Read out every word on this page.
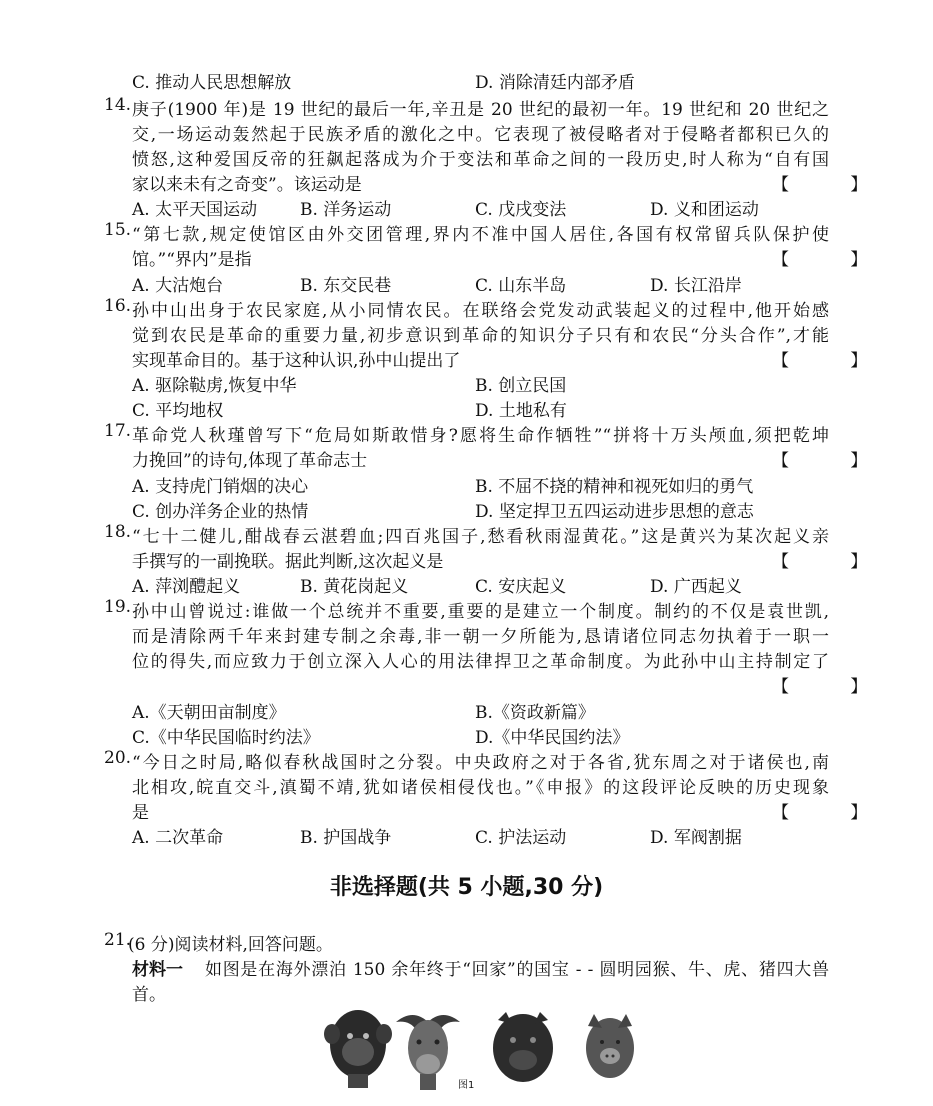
C. 推动人民思想解放	D. 消除清廷内部矛盾
14. 庚子(1900 年)是 19 世纪的最后一年,辛丑是 20 世纪的最初一年。19 世纪和 20 世纪之
交,一场运动轰然起于民族矛盾的激化之中。它表现了被侵略者对于侵略者都积已久的
愤怒,这种爱国反帝的狂飙起落成为介于变法和革命之间的一段历史,时人称为“自有国
家以来未有之奇变”。该运动是	【 】
A. 太平天国运动	B. 洋务运动	C. 戊戌变法	D. 义和团运动
15. “第七款,规定使馆区由外交团管理,界内不准中国人居住,各国有权常留兵队保护使
馆。”“界内”是指	【 】
A. 大沽炮台	B. 东交民巷	C. 山东半岛	D. 长江沿岸
16. 孙中山出身于农民家庭,从小同情农民。在联络会党发动武装起义的过程中,他开始感
觉到农民是革命的重要力量,初步意识到革命的知识分子只有和农民“分头合作”,才能
实现革命目的。基于这种认识,孙中山提出了	【 】
A. 驱除鞑虏,恢复中华	B. 创立民国
C. 平均地权	D. 土地私有
17. 革命党人秋瑾曾写下“危局如斯敢惜身?愿将生命作牺牲”“拼将十万头颅血,须把乾坤
力挽回”的诗句,体现了革命志士	【 】
A. 支持虎门销烟的决心	B. 不屈不挠的精神和视死如归的勇气
C. 创办洋务企业的热情	D. 坚定捍卫五四运动进步思想的意志
18. “七十二健儿,酣战春云湛碧血;四百兆国子,愁看秋雨湿黄花。”这是黄兴为某次起义亲
手撰写的一副挽联。据此判断,这次起义是	【 】
A. 萍浏醴起义	B. 黄花岗起义	C. 安庆起义	D. 广西起义
19. 孙中山曾说过:谁做一个总统并不重要,重要的是建立一个制度。制约的不仅是袁世凯,
而是清除两千年来封建专制之余毒,非一朝一夕所能为,恳请诸位同志勿执着于一职一
位的得失,而应致力于创立深入人心的用法律捍卫之革命制度。为此孙中山主持制定了
【 】
A.《天朝田亩制度》	B.《资政新篇》
C.《中华民国临时约法》	D.《中华民国约法》
20. “今日之时局,略似春秋战国时之分裂。中央政府之对于各省,犹东周之对于诸侯也,南
北相攻,皖直交斗,滇蜀不靖,犹如诸侯相侵伐也。”《申报》的这段评论反映的历史现象
是	【 】
A. 二次革命	B. 护国战争	C. 护法运动	D. 军阀割据
非选择题(共 5 小题,30 分)
21.
(6 分)阅读材料,回答问题。
材料一 如图是在海外漂泊 150 余年终于“回家”的国宝 - - 圆明园猴、牛、虎、猪四大兽
首。
图1
